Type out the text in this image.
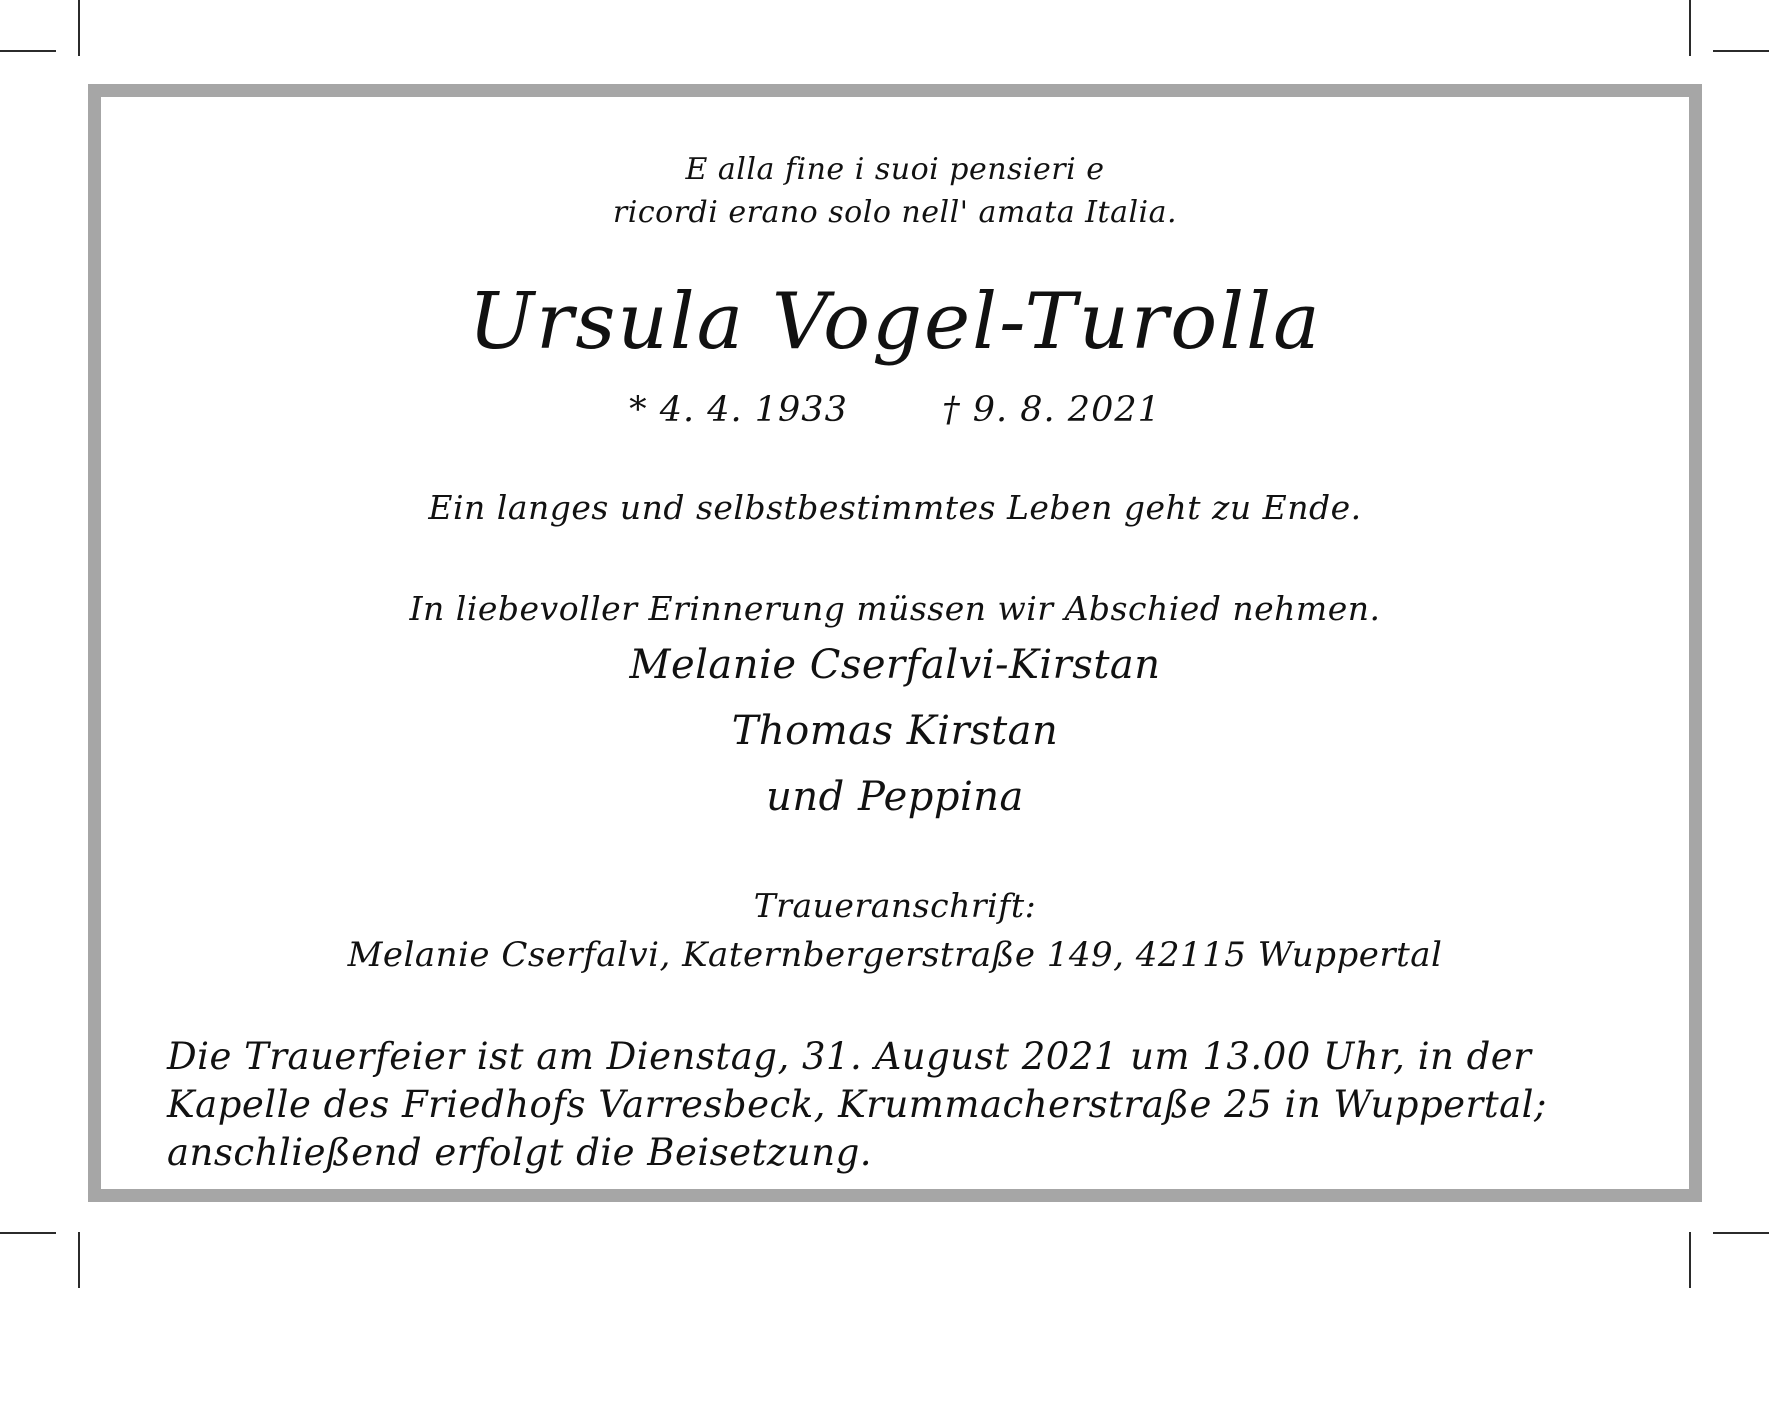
E alla fine i suoi pensieri e
ricordi erano solo nell' amata Italia.
Ursula Vogel-Turolla
* 4. 4. 1933	† 9. 8. 2021
Ein langes und selbstbestimmtes Leben geht zu Ende.
In liebevoller Erinnerung müssen wir Abschied nehmen.
Melanie Cserfalvi-Kirstan
Thomas Kirstan
und Peppina
Traueranschrift:
Melanie Cserfalvi, Katernbergerstraße 149, 42115 Wuppertal
Die Trauerfeier ist am Dienstag, 31. August 2021 um 13.00 Uhr, in der Kapelle des Friedhofs Varresbeck, Krummacherstraße 25 in Wuppertal; anschließend erfolgt die Beisetzung.
